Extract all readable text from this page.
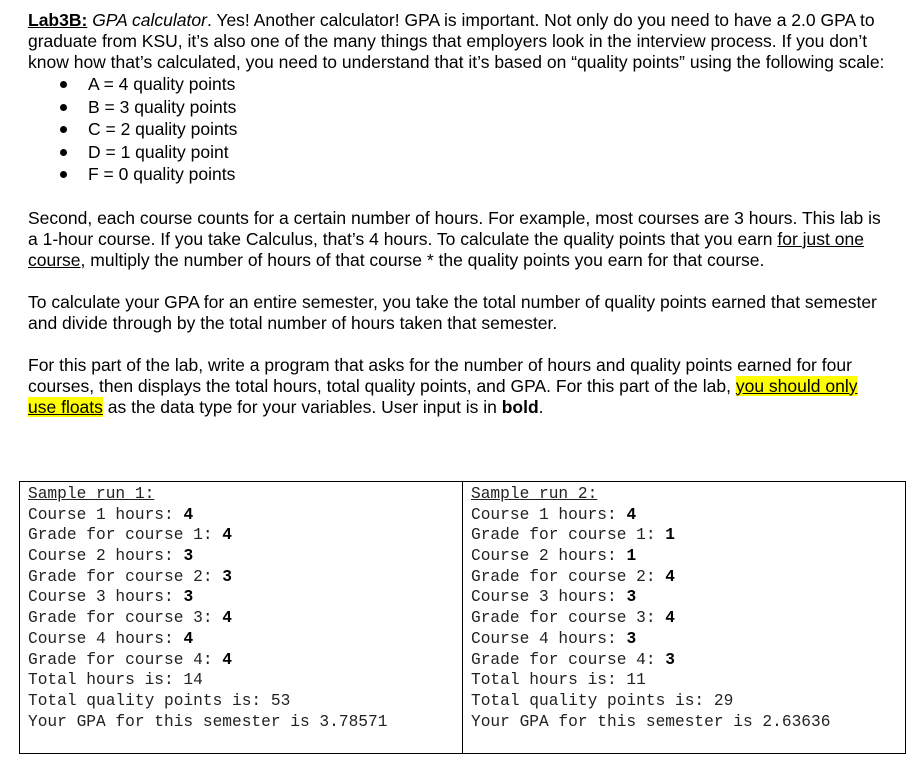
Lab3B: GPA calculator. Yes! Another calculator! GPA is important. Not only do you need to have a 2.0 GPA to graduate from KSU, it’s also one of the many things that employers look in the interview process. If you don’t know how that’s calculated, you need to understand that it’s based on “quality points” using the following scale:

A = 4 quality points
B = 3 quality points
C = 2 quality points
D = 1 quality point
F = 0 quality points

Second, each course counts for a certain number of hours. For example, most courses are 3 hours. This lab is a 1-hour course. If you take Calculus, that’s 4 hours. To calculate the quality points that you earn for just one course, multiply the number of hours of that course * the quality points you earn for that course.

To calculate your GPA for an entire semester, you take the total number of quality points earned that semester and divide through by the total number of hours taken that semester.

For this part of the lab, write a program that asks for the number of hours and quality points earned for four courses, then displays the total hours, total quality points, and GPA. For this part of the lab, you should only use floats as the data type for your variables. User input is in bold.

Sample run 1:
Course 1 hours: 4
Grade for course 1: 4
Course 2 hours: 3
Grade for course 2: 3
Course 3 hours: 3
Grade for course 3: 4
Course 4 hours: 4
Grade for course 4: 4
Total hours is: 14
Total quality points is: 53
Your GPA for this semester is 3.78571

Sample run 2:
Course 1 hours: 4
Grade for course 1: 1
Course 2 hours: 1
Grade for course 2: 4
Course 3 hours: 3
Grade for course 3: 4
Course 4 hours: 3
Grade for course 4: 3
Total hours is: 11
Total quality points is: 29
Your GPA for this semester is 2.63636
